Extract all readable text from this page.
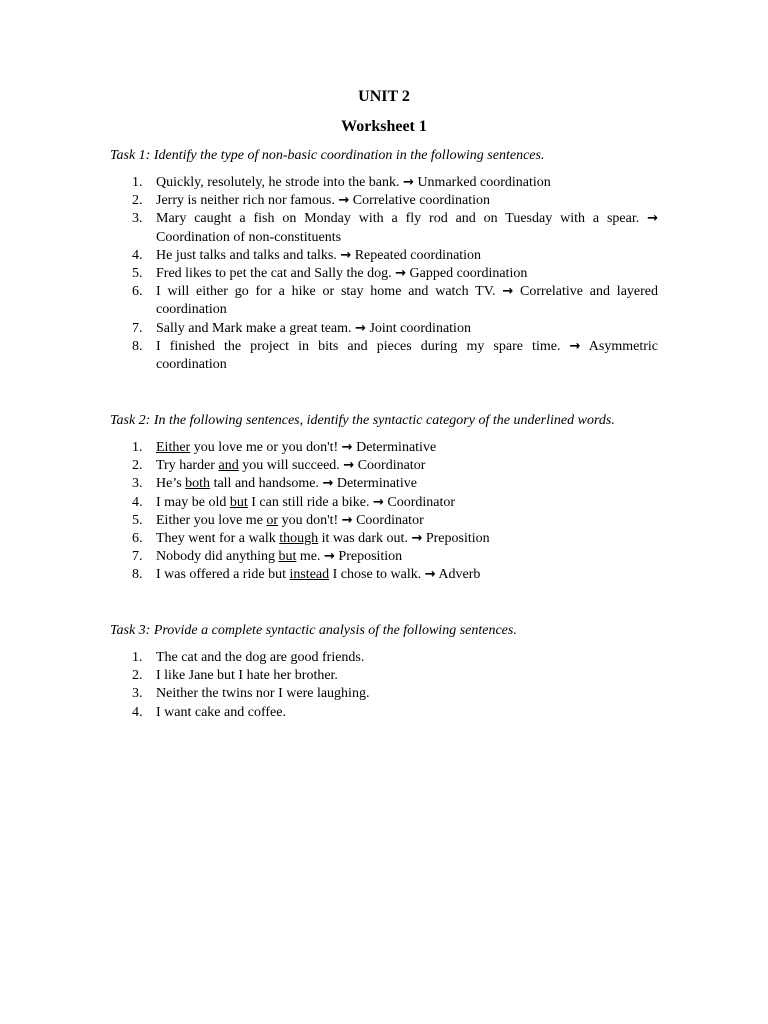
UNIT 2
Worksheet 1
Task 1: Identify the type of non-basic coordination in the following sentences.
1. Quickly, resolutely, he strode into the bank. → Unmarked coordination
2. Jerry is neither rich nor famous. → Correlative coordination
3. Mary caught a fish on Monday with a fly rod and on Tuesday with a spear. → Coordination of non-constituents
4. He just talks and talks and talks. → Repeated coordination
5. Fred likes to pet the cat and Sally the dog. → Gapped coordination
6. I will either go for a hike or stay home and watch TV. → Correlative and layered coordination
7. Sally and Mark make a great team. → Joint coordination
8. I finished the project in bits and pieces during my spare time. → Asymmetric coordination
Task 2: In the following sentences, identify the syntactic category of the underlined words.
1. Either you love me or you don't! → Determinative
2. Try harder and you will succeed. → Coordinator
3. He’s both tall and handsome. → Determinative
4. I may be old but I can still ride a bike. → Coordinator
5. Either you love me or you don't! → Coordinator
6. They went for a walk though it was dark out. → Preposition
7. Nobody did anything but me. → Preposition
8. I was offered a ride but instead I chose to walk. → Adverb
Task 3: Provide a complete syntactic analysis of the following sentences.
1. The cat and the dog are good friends.
2. I like Jane but I hate her brother.
3. Neither the twins nor I were laughing.
4. I want cake and coffee.
